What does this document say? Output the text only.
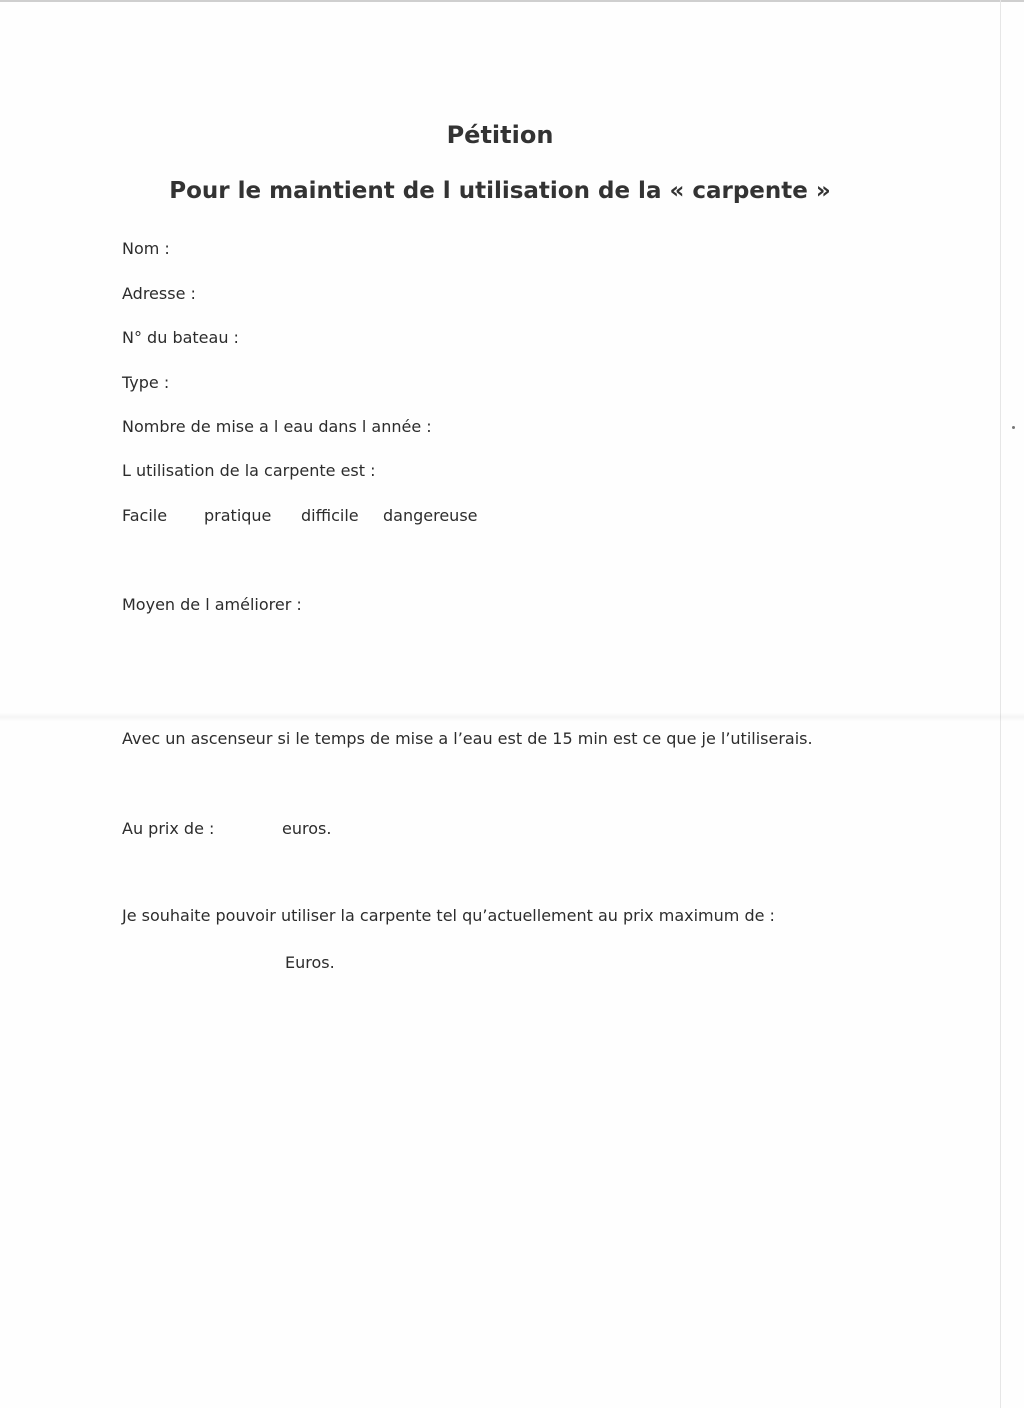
Pétition
Pour le maintient de l utilisation de la « carpente »

Nom :

Adresse :

N° du bateau :

Type :

Nombre de mise a l eau dans l année :

L utilisation de la carpente est :

Facile pratique difficile dangereuse

Moyen de l améliorer :

Avec un ascenseur si le temps de mise a l’eau est de 15 min est ce que je l’utiliserais.

Au prix de :	euros.

Je souhaite pouvoir utiliser la carpente tel qu’actuellement au prix maximum de :

Euros.
